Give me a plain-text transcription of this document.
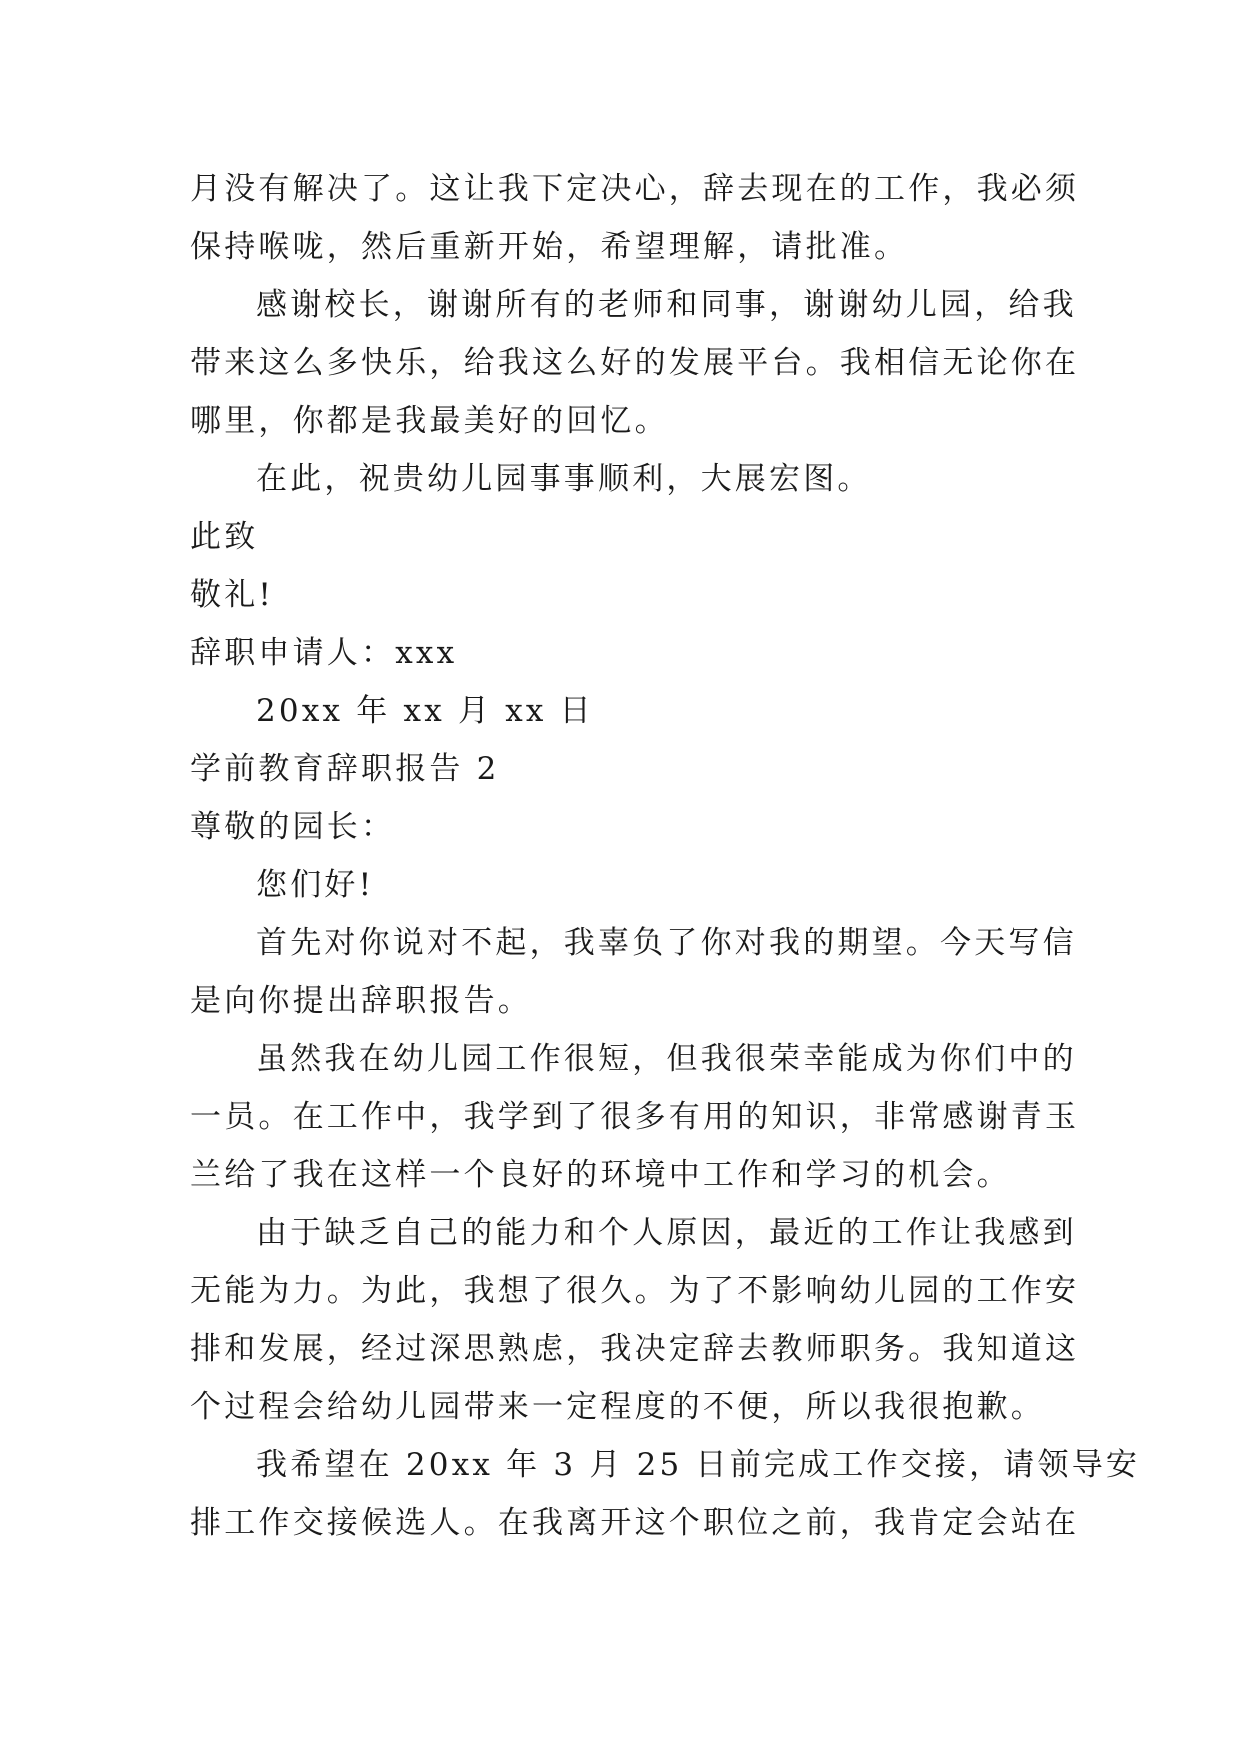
月没有解决了。这让我下定决心，辞去现在的工作，我必须
保持喉咙，然后重新开始，希望理解，请批准。
感谢校长，谢谢所有的老师和同事，谢谢幼儿园，给我
带来这么多快乐，给我这么好的发展平台。我相信无论你在
哪里，你都是我最美好的回忆。
在此，祝贵幼儿园事事顺利，大展宏图。
此致
敬礼!
辞职申请人：xxx
20xx 年 xx 月 xx 日
学前教育辞职报告 2
尊敬的园长：
您们好!
首先对你说对不起，我辜负了你对我的期望。今天写信
是向你提出辞职报告。
虽然我在幼儿园工作很短，但我很荣幸能成为你们中的
一员。在工作中，我学到了很多有用的知识，非常感谢青玉
兰给了我在这样一个良好的环境中工作和学习的机会。
由于缺乏自己的能力和个人原因，最近的工作让我感到
无能为力。为此，我想了很久。为了不影响幼儿园的工作安
排和发展，经过深思熟虑，我决定辞去教师职务。我知道这
个过程会给幼儿园带来一定程度的不便，所以我很抱歉。
我希望在 20xx 年 3 月 25 日前完成工作交接，请领导安
排工作交接候选人。在我离开这个职位之前，我肯定会站在
